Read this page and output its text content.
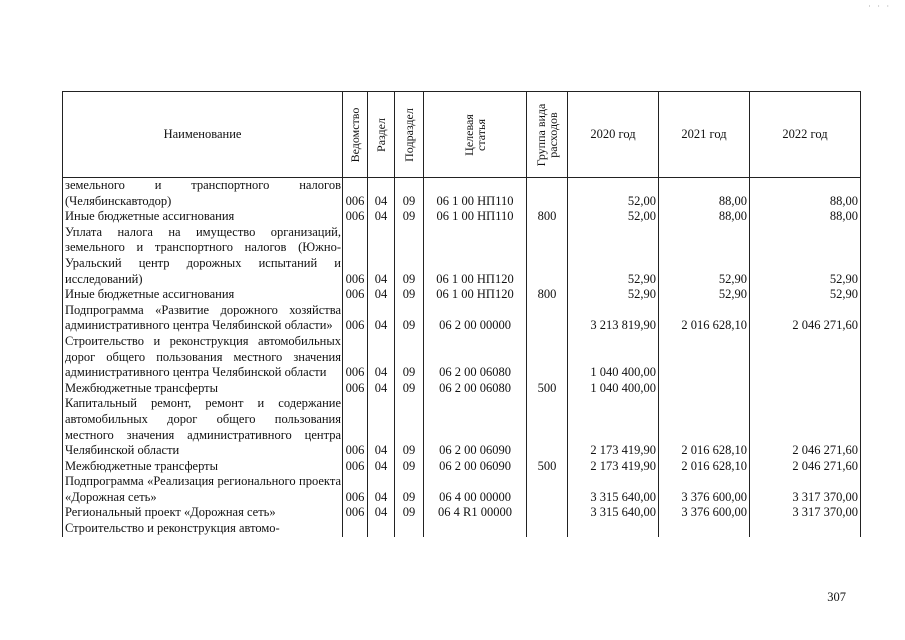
· · ·
Наименование	Ведомство	Раздел	Подраздел	Целевая статья	Группа вида расходов	2020 год	2021 год	2022 год
земельного и транспортного налогов (Челябинскавтодор)	006	04	09	06 1 00 НП110		52,00	88,00	88,00
Иные бюджетные ассигнования	006	04	09	06 1 00 НП110	800	52,00	88,00	88,00
Уплата налога на имущество организаций, земельного и транспортного налогов (Южно-Уральский центр дорожных испытаний и исследований)	006	04	09	06 1 00 НП120		52,90	52,90	52,90
Иные бюджетные ассигнования	006	04	09	06 1 00 НП120	800	52,90	52,90	52,90
Подпрограмма «Развитие дорожного хозяйства административного центра Челябинской области»	006	04	09	06 2 00 00000		3 213 819,90	2 016 628,10	2 046 271,60
Строительство и реконструкция автомобильных дорог общего пользования местного значения административного центра Челябинской области	006	04	09	06 2 00 06080		1 040 400,00		
Межбюджетные трансферты	006	04	09	06 2 00 06080	500	1 040 400,00		
Капитальный ремонт, ремонт и содержание автомобильных дорог общего пользования местного значения административного центра Челябинской области	006	04	09	06 2 00 06090		2 173 419,90	2 016 628,10	2 046 271,60
Межбюджетные трансферты	006	04	09	06 2 00 06090	500	2 173 419,90	2 016 628,10	2 046 271,60
Подпрограмма «Реализация регионального проекта «Дорожная сеть»	006	04	09	06 4 00 00000		3 315 640,00	3 376 600,00	3 317 370,00
Региональный проект «Дорожная сеть»	006	04	09	06 4 R1 00000		3 315 640,00	3 376 600,00	3 317 370,00
Строительство и реконструкция автомо-								
307
